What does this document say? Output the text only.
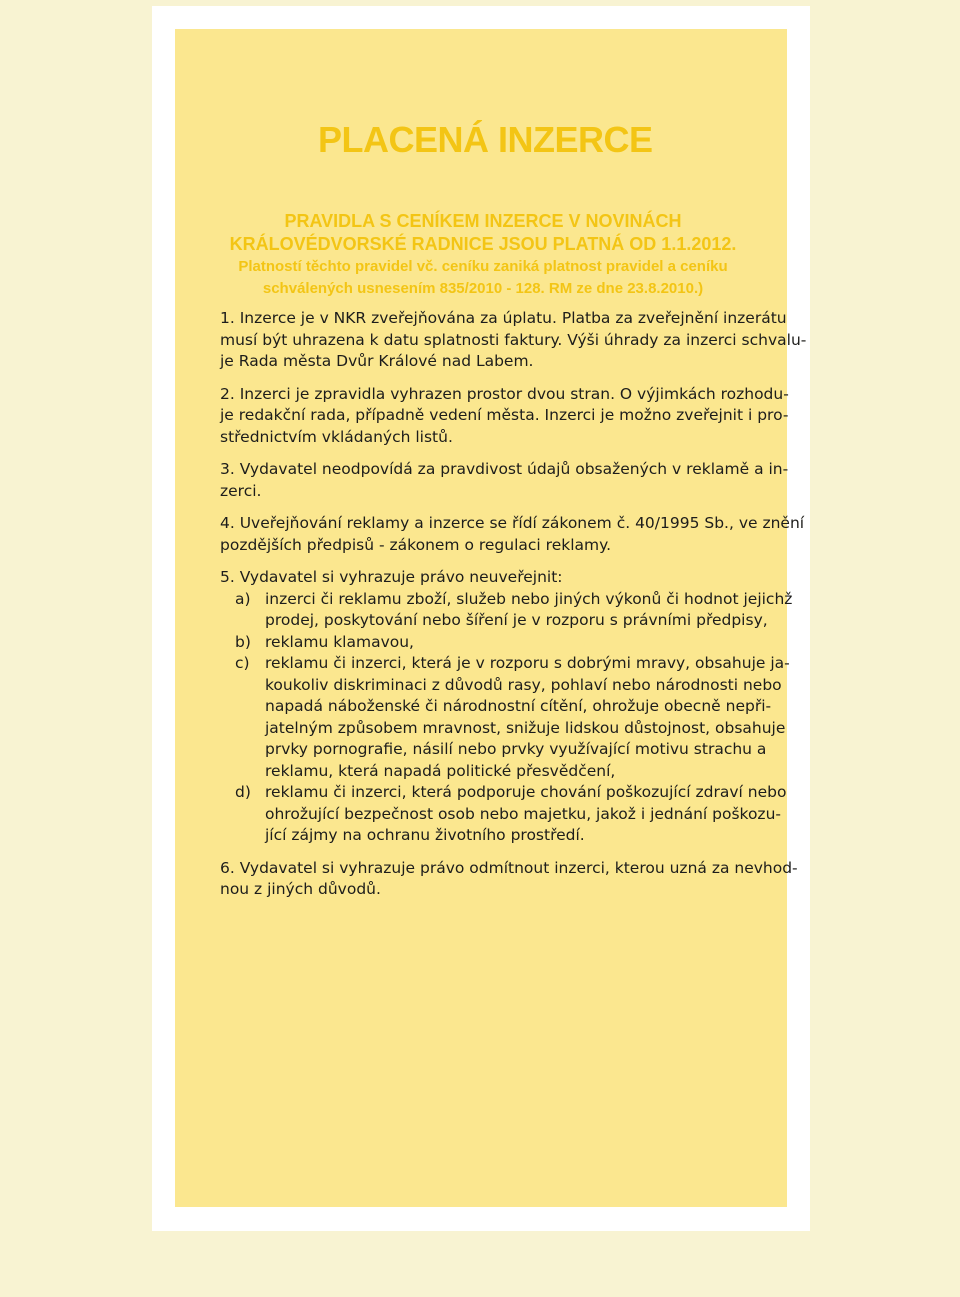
PLACENÁ INZERCE
PRAVIDLA S CENÍKEM INZERCE V NOVINÁCH
KRÁLOVÉDVORSKÉ RADNICE JSOU PLATNÁ OD 1.1.2012.
Platností těchto pravidel vč. ceníku zaniká platnost pravidel a ceníku
schválených usnesením 835/2010 - 128. RM ze dne 23.8.2010.)

1. Inzerce je v NKR zveřejňována za úplatu. Platba za zveřejnění inzerátu
musí být uhrazena k datu splatnosti faktury. Výši úhrady za inzerci schvalu-
je Rada města Dvůr Králové nad Labem.

2. Inzerci je zpravidla vyhrazen prostor dvou stran. O výjimkách rozhodu-
je redakční rada, případně vedení města. Inzerci je možno zveřejnit i pro-
střednictvím vkládaných listů.

3. Vydavatel neodpovídá za pravdivost údajů obsažených v reklamě a in-
zerci.

4. Uveřejňování reklamy a inzerce se řídí zákonem č. 40/1995 Sb., ve znění
pozdějších předpisů - zákonem o regulaci reklamy.

5. Vydavatel si vyhrazuje právo neuveřejnit:
a) inzerci či reklamu zboží, služeb nebo jiných výkonů či hodnot jejichž
prodej, poskytování nebo šíření je v rozporu s právními předpisy,
b) reklamu klamavou,
c) reklamu či inzerci, která je v rozporu s dobrými mravy, obsahuje ja-
koukoliv diskriminaci z důvodů rasy, pohlaví nebo národnosti nebo
napadá náboženské či národnostní cítění, ohrožuje obecně nepři-
jatelným způsobem mravnost, snižuje lidskou důstojnost, obsahuje
prvky pornografie, násilí nebo prvky využívající motivu strachu a
reklamu, která napadá politické přesvědčení,
d) reklamu či inzerci, která podporuje chování poškozující zdraví nebo
ohrožující bezpečnost osob nebo majetku, jakož i jednání poškozu-
jící zájmy na ochranu životního prostředí.

6. Vydavatel si vyhrazuje právo odmítnout inzerci, kterou uzná za nevhod-
nou z jiných důvodů.
